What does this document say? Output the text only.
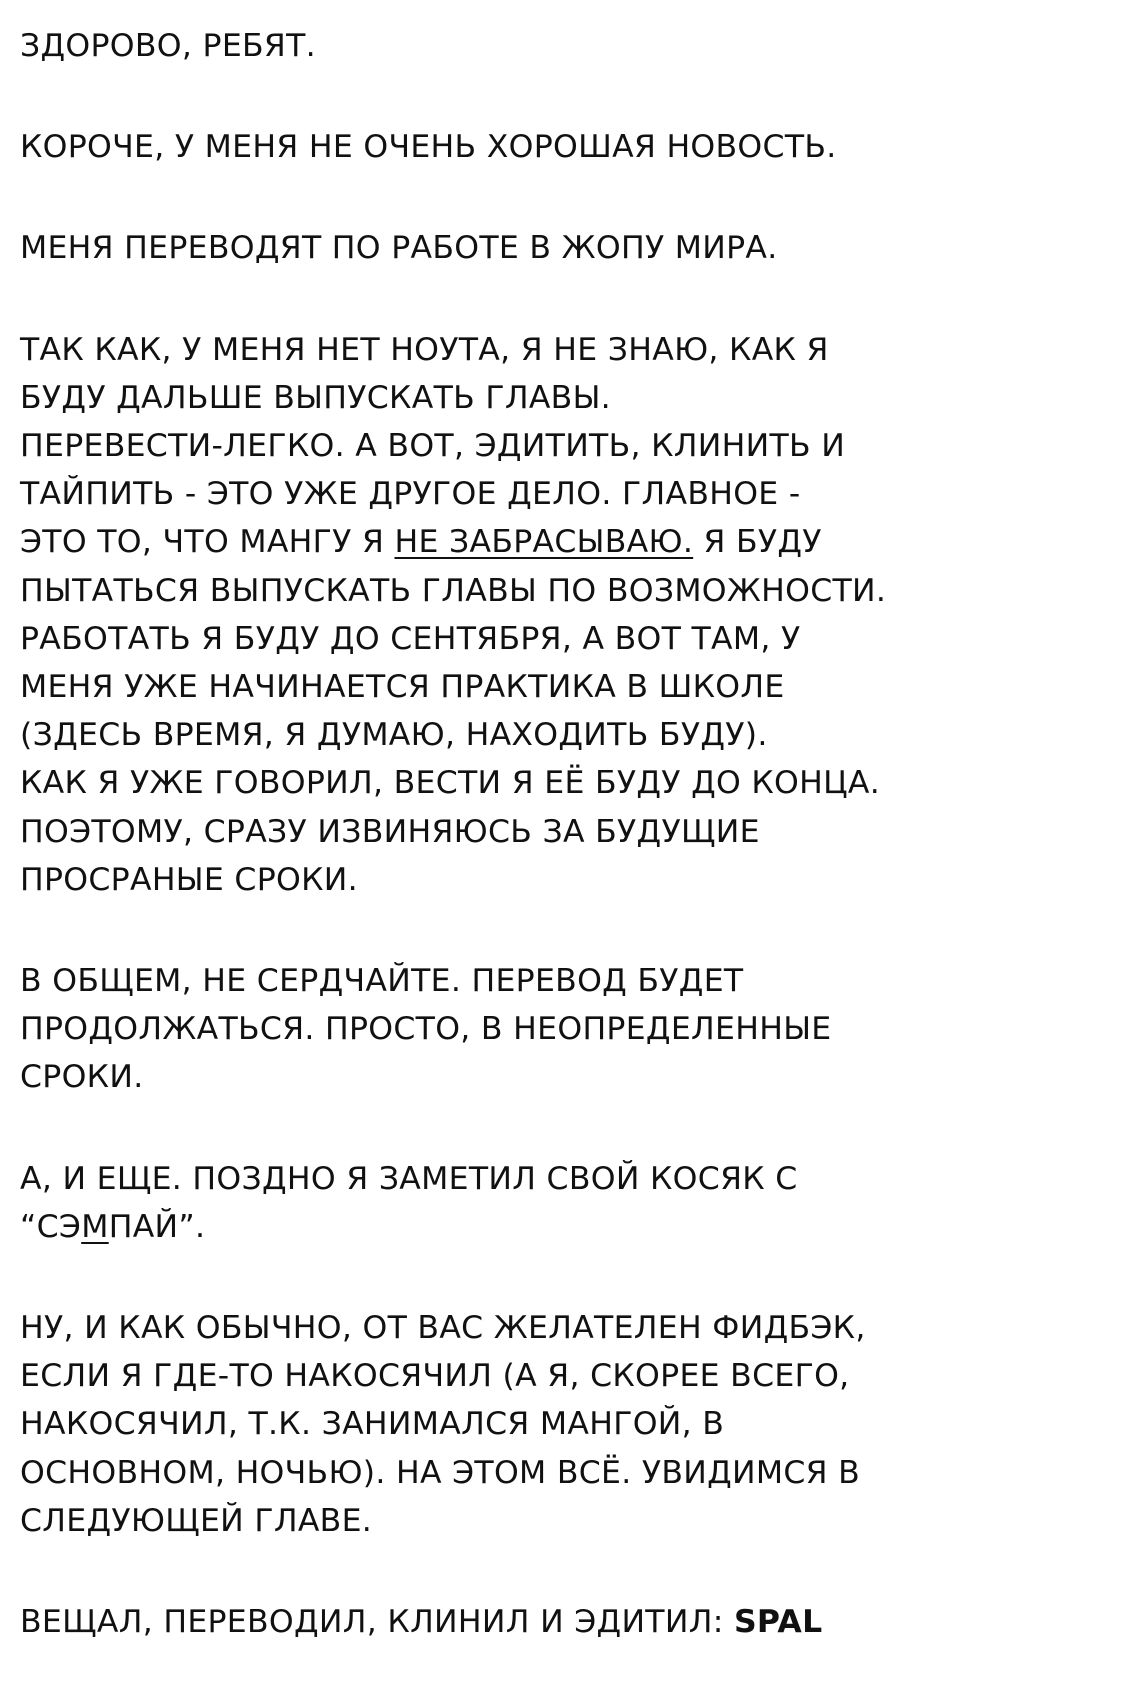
ЗДОРОВО, РЕБЯТ.
КОРОЧЕ, У МЕНЯ НЕ ОЧЕНЬ ХОРОШАЯ НОВОСТЬ.
МЕНЯ ПЕРЕВОДЯТ ПО РАБОТЕ В ЖОПУ МИРА.
ТАК КАК, У МЕНЯ НЕТ НОУТА, Я НЕ ЗНАЮ, КАК Я
БУДУ ДАЛЬШЕ ВЫПУСКАТЬ ГЛАВЫ.
ПЕРЕВЕСТИ-ЛЕГКО. А ВОТ, ЭДИТИТЬ, КЛИНИТЬ И
ТАЙПИТЬ - ЭТО УЖЕ ДРУГОЕ ДЕЛО. ГЛАВНОЕ -
ЭТО ТО, ЧТО МАНГУ Я НЕ ЗАБРАСЫВАЮ. Я БУДУ
ПЫТАТЬСЯ ВЫПУСКАТЬ ГЛАВЫ ПО ВОЗМОЖНОСТИ.
РАБОТАТЬ Я БУДУ ДО СЕНТЯБРЯ, А ВОТ ТАМ, У
МЕНЯ УЖЕ НАЧИНАЕТСЯ ПРАКТИКА В ШКОЛЕ
(ЗДЕСЬ ВРЕМЯ, Я ДУМАЮ, НАХОДИТЬ БУДУ).
КАК Я УЖЕ ГОВОРИЛ, ВЕСТИ Я ЕЁ БУДУ ДО КОНЦА.
ПОЭТОМУ, СРАЗУ ИЗВИНЯЮСЬ ЗА БУДУЩИЕ
ПРОСРАНЫЕ СРОКИ.
В ОБЩЕМ, НЕ СЕРДЧАЙТЕ. ПЕРЕВОД БУДЕТ
ПРОДОЛЖАТЬСЯ. ПРОСТО, В НЕОПРЕДЕЛЕННЫЕ
СРОКИ.
А, И ЕЩЕ. ПОЗДНО Я ЗАМЕТИЛ СВОЙ КОСЯК С
“СЭМПАЙ”.
НУ, И КАК ОБЫЧНО, ОТ ВАС ЖЕЛАТЕЛЕН ФИДБЭК,
ЕСЛИ Я ГДЕ-ТО НАКОСЯЧИЛ (А Я, СКОРЕЕ ВСЕГО,
НАКОСЯЧИЛ, Т.К. ЗАНИМАЛСЯ МАНГОЙ, В
ОСНОВНОМ, НОЧЬЮ). НА ЭТОМ ВСЁ. УВИДИМСЯ В
СЛЕДУЮЩЕЙ ГЛАВЕ.
ВЕЩАЛ, ПЕРЕВОДИЛ, КЛИНИЛ И ЭДИТИЛ: SPAL
